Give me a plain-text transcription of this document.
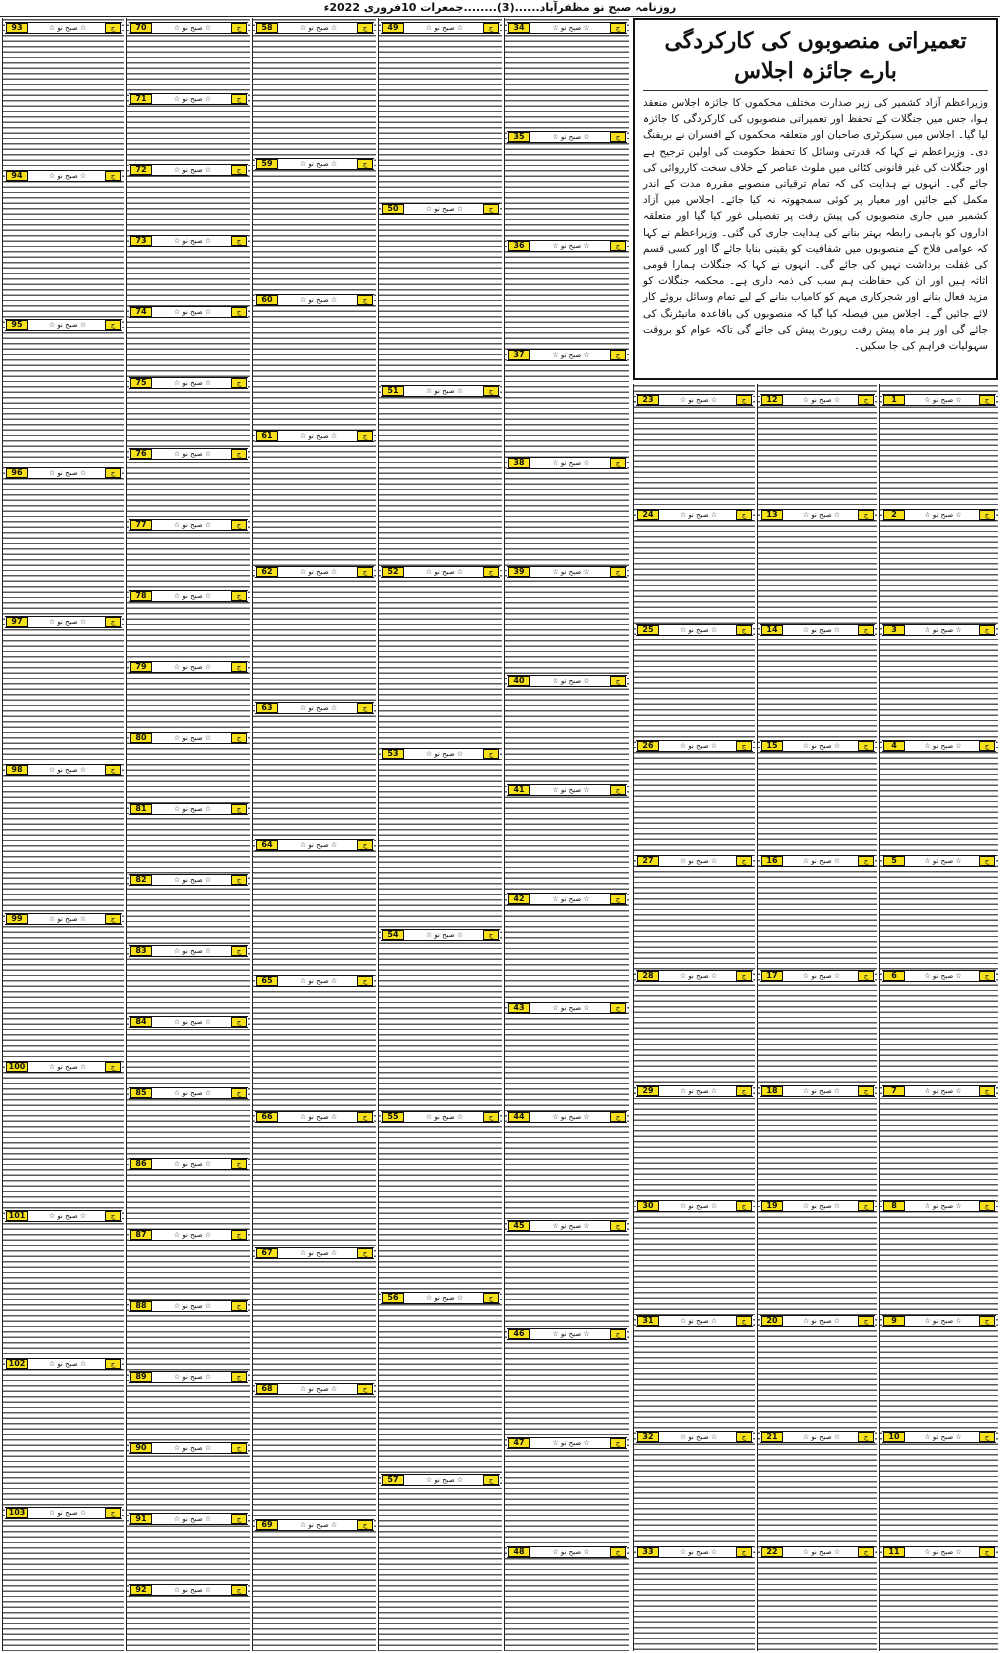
روزنامہ صبح نو مظفرآباد......(3)........جمعرات 10فروری 2022ء
93	☆ صبح نو ☆	ج
94	☆ صبح نو ☆	ج
95	☆ صبح نو ☆	ج
96	☆ صبح نو ☆	ج
97	☆ صبح نو ☆	ج
98	☆ صبح نو ☆	ج
99	☆ صبح نو ☆	ج
100	☆ صبح نو ☆	ج
101	☆ صبح نو ☆	ج
102	☆ صبح نو ☆	ج
103	☆ صبح نو ☆	ج
70	☆ صبح نو ☆	ج
71	☆ صبح نو ☆	ج
72	☆ صبح نو ☆	ج
73	☆ صبح نو ☆	ج
74	☆ صبح نو ☆	ج
75	☆ صبح نو ☆	ج
76	☆ صبح نو ☆	ج
77	☆ صبح نو ☆	ج
78	☆ صبح نو ☆	ج
79	☆ صبح نو ☆	ج
80	☆ صبح نو ☆	ج
81	☆ صبح نو ☆	ج
82	☆ صبح نو ☆	ج
83	☆ صبح نو ☆	ج
84	☆ صبح نو ☆	ج
85	☆ صبح نو ☆	ج
86	☆ صبح نو ☆	ج
87	☆ صبح نو ☆	ج
88	☆ صبح نو ☆	ج
89	☆ صبح نو ☆	ج
90	☆ صبح نو ☆	ج
91	☆ صبح نو ☆	ج
92	☆ صبح نو ☆	ج
58	☆ صبح نو ☆	ج
59	☆ صبح نو ☆	ج
60	☆ صبح نو ☆	ج
61	☆ صبح نو ☆	ج
62	☆ صبح نو ☆	ج
63	☆ صبح نو ☆	ج
64	☆ صبح نو ☆	ج
65	☆ صبح نو ☆	ج
66	☆ صبح نو ☆	ج
67	☆ صبح نو ☆	ج
68	☆ صبح نو ☆	ج
69	☆ صبح نو ☆	ج
49	☆ صبح نو ☆	ج
50	☆ صبح نو ☆	ج
51	☆ صبح نو ☆	ج
52	☆ صبح نو ☆	ج
53	☆ صبح نو ☆	ج
54	☆ صبح نو ☆	ج
55	☆ صبح نو ☆	ج
56	☆ صبح نو ☆	ج
57	☆ صبح نو ☆	ج
34	☆ صبح نو ☆	ج
35	☆ صبح نو ☆	ج
36	☆ صبح نو ☆	ج
37	☆ صبح نو ☆	ج
38	☆ صبح نو ☆	ج
39	☆ صبح نو ☆	ج
40	☆ صبح نو ☆	ج
41	☆ صبح نو ☆	ج
42	☆ صبح نو ☆	ج
43	☆ صبح نو ☆	ج
44	☆ صبح نو ☆	ج
45	☆ صبح نو ☆	ج
46	☆ صبح نو ☆	ج
47	☆ صبح نو ☆	ج
48	☆ صبح نو ☆	ج
23	☆ صبح نو ☆	ج
24	☆ صبح نو ☆	ج
25	☆ صبح نو ☆	ج
26	☆ صبح نو ☆	ج
27	☆ صبح نو ☆	ج
28	☆ صبح نو ☆	ج
29	☆ صبح نو ☆	ج
30	☆ صبح نو ☆	ج
31	☆ صبح نو ☆	ج
32	☆ صبح نو ☆	ج
33	☆ صبح نو ☆	ج
12	☆ صبح نو ☆	ج
13	☆ صبح نو ☆	ج
14	☆ صبح نو ☆	ج
15	☆ صبح نو ☆	ج
16	☆ صبح نو ☆	ج
17	☆ صبح نو ☆	ج
18	☆ صبح نو ☆	ج
19	☆ صبح نو ☆	ج
20	☆ صبح نو ☆	ج
21	☆ صبح نو ☆	ج
22	☆ صبح نو ☆	ج
1	☆ صبح نو ☆	ج
2	☆ صبح نو ☆	ج
3	☆ صبح نو ☆	ج
4	☆ صبح نو ☆	ج
5	☆ صبح نو ☆	ج
6	☆ صبح نو ☆	ج
7	☆ صبح نو ☆	ج
8	☆ صبح نو ☆	ج
9	☆ صبح نو ☆	ج
10	☆ صبح نو ☆	ج
11	☆ صبح نو ☆	ج
تعمیراتی منصوبوں کی کارکردگی بارے جائزہ اجلاس
وزیراعظم آزاد کشمیر کی زیر صدارت مختلف محکموں کا جائزہ اجلاس منعقد ہوا، جس میں جنگلات کے تحفظ اور تعمیراتی منصوبوں کی کارکردگی کا جائزہ لیا گیا۔ اجلاس میں سیکرٹری صاحبان اور متعلقہ محکموں کے افسران نے بریفنگ دی۔ وزیراعظم نے کہا کہ قدرتی وسائل کا تحفظ حکومت کی اولین ترجیح ہے اور جنگلات کی غیر قانونی کٹائی میں ملوث عناصر کے خلاف سخت کارروائی کی جائے گی۔ انہوں نے ہدایت کی کہ تمام ترقیاتی منصوبے مقررہ مدت کے اندر مکمل کیے جائیں اور معیار پر کوئی سمجھوتہ نہ کیا جائے۔ اجلاس میں آزاد کشمیر میں جاری منصوبوں کی پیش رفت پر تفصیلی غور کیا گیا اور متعلقہ اداروں کو باہمی رابطہ بہتر بنانے کی ہدایت جاری کی گئی۔ وزیراعظم نے کہا کہ عوامی فلاح کے منصوبوں میں شفافیت کو یقینی بنایا جائے گا اور کسی قسم کی غفلت برداشت نہیں کی جائے گی۔ انہوں نے کہا کہ جنگلات ہمارا قومی اثاثہ ہیں اور ان کی حفاظت ہم سب کی ذمہ داری ہے۔ محکمہ جنگلات کو مزید فعال بنانے اور شجرکاری مہم کو کامیاب بنانے کے لیے تمام وسائل بروئے کار لائے جائیں گے۔ اجلاس میں فیصلہ کیا گیا کہ منصوبوں کی باقاعدہ مانیٹرنگ کی جائے گی اور ہر ماہ پیش رفت رپورٹ پیش کی جائے گی تاکہ عوام کو بروقت سہولیات فراہم کی جا سکیں۔
